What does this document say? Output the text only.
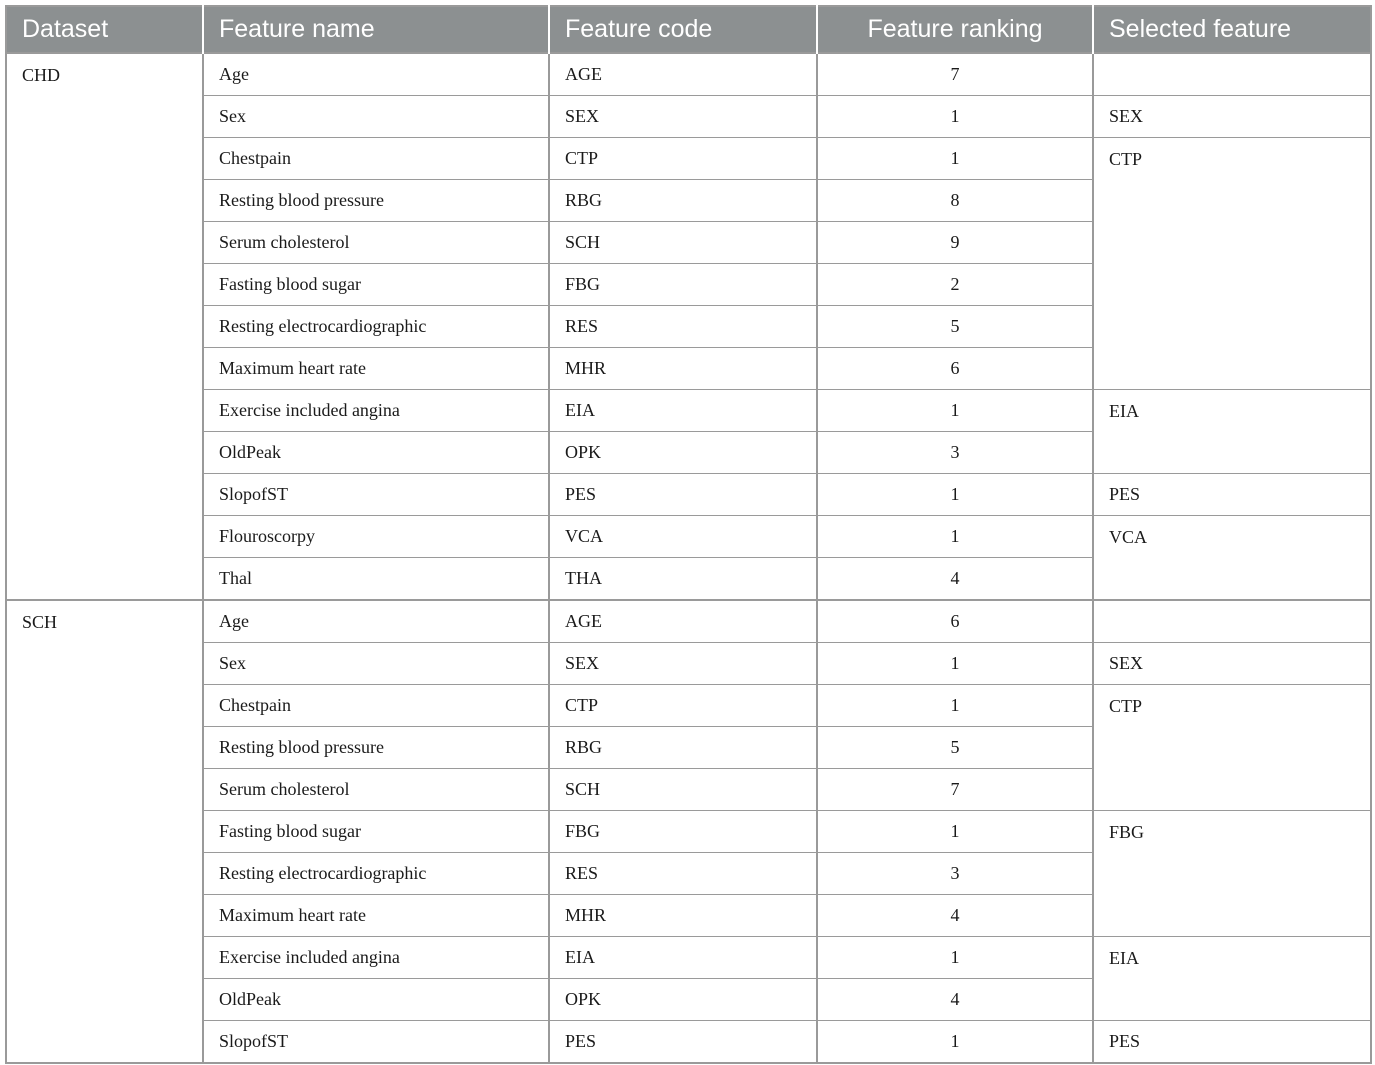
Dataset	Feature name	Feature code	Feature ranking	Selected feature
CHD	Age	AGE	7	
	Sex	SEX	1	SEX
	Chestpain	CTP	1	CTP
	Resting blood pressure	RBG	8	
	Serum cholesterol	SCH	9	
	Fasting blood sugar	FBG	2	
	Resting electrocardiographic	RES	5	
	Maximum heart rate	MHR	6	
	Exercise included angina	EIA	1	EIA
	OldPeak	OPK	3	
	SlopofST	PES	1	PES
	Flouroscorpy	VCA	1	VCA
	Thal	THA	4	
SCH	Age	AGE	6	
	Sex	SEX	1	SEX
	Chestpain	CTP	1	CTP
	Resting blood pressure	RBG	5	
	Serum cholesterol	SCH	7	
	Fasting blood sugar	FBG	1	FBG
	Resting electrocardiographic	RES	3	
	Maximum heart rate	MHR	4	
	Exercise included angina	EIA	1	EIA
	OldPeak	OPK	4	
	SlopofST	PES	1	PES
